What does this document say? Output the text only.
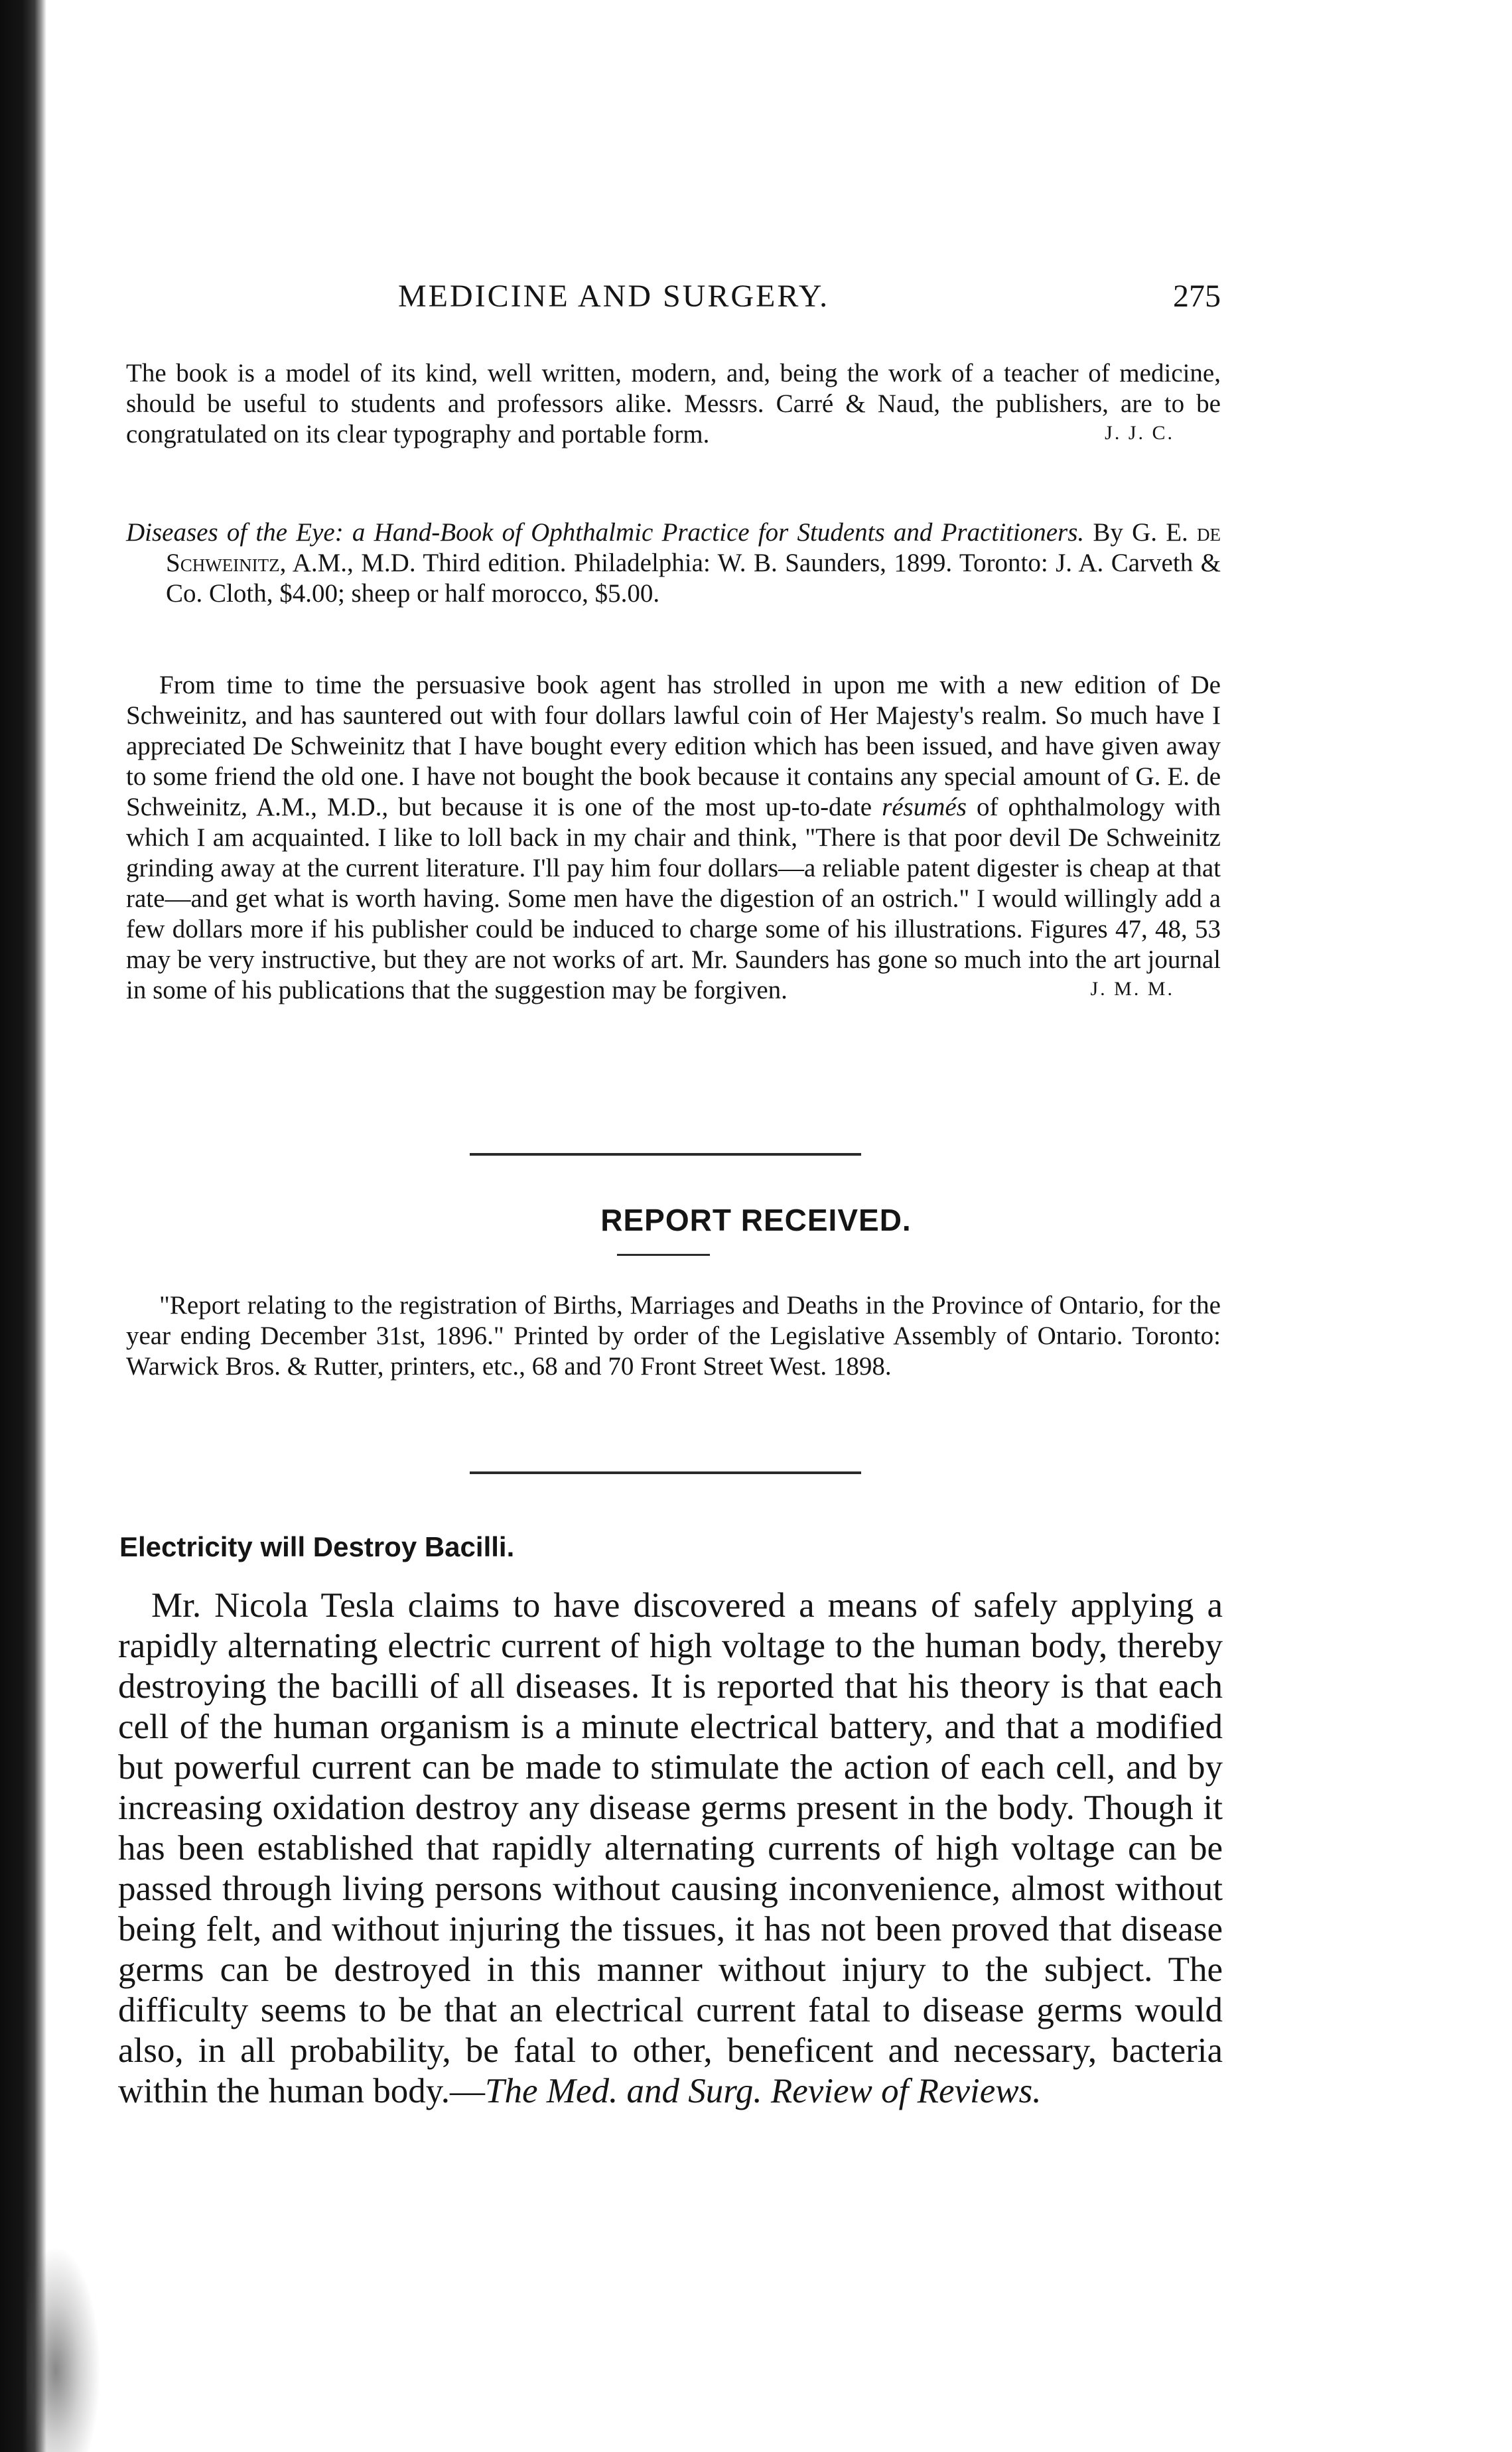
MEDICINE AND SURGERY.	275

The book is a model of its kind, well written, modern, and, being the work of a teacher of medicine, should be useful to students and professors alike. Messrs. Carré & Naud, the publishers, are to be congratulated on its clear typography and portable form.	J. J. C.
Diseases of the Eye: a Hand-Book of Ophthalmic Practice for Students and Practitioners. By G. E. de Schweinitz, A.M., M.D. Third edition. Philadelphia: W. B. Saunders, 1899. Toronto: J. A. Carveth & Co. Cloth, $4.00; sheep or half morocco, $5.00.

From time to time the persuasive book agent has strolled in upon me with a new edition of De Schweinitz, and has sauntered out with four dollars lawful coin of Her Majesty's realm. So much have I appreciated De Schweinitz that I have bought every edition which has been issued, and have given away to some friend the old one. I have not bought the book because it contains any special amount of G. E. de Schweinitz, A.M., M.D., but because it is one of the most up-to-date résumés of ophthalmology with which I am acquainted. I like to loll back in my chair and think, "There is that poor devil De Schweinitz grinding away at the current literature. I'll pay him four dollars—a reliable patent digester is cheap at that rate—and get what is worth having. Some men have the digestion of an ostrich." I would willingly add a few dollars more if his publisher could be induced to charge some of his illustrations. Figures 47, 48, 53 may be very instructive, but they are not works of art. Mr. Saunders has gone so much into the art journal in some of his publications that the suggestion may be forgiven.	J. M. M.
REPORT RECEIVED.

"Report relating to the registration of Births, Marriages and Deaths in the Province of Ontario, for the year ending December 31st, 1896." Printed by order of the Legislative Assembly of Ontario. Toronto: Warwick Bros. & Rutter, printers, etc., 68 and 70 Front Street West. 1898.

Electricity will Destroy Bacilli.

Mr. Nicola Tesla claims to have discovered a means of safely applying a rapidly alternating electric current of high voltage to the human body, thereby destroying the bacilli of all diseases. It is reported that his theory is that each cell of the human organism is a minute electrical battery, and that a modified but powerful current can be made to stimulate the action of each cell, and by increasing oxidation destroy any disease germs present in the body. Though it has been established that rapidly alternating currents of high voltage can be passed through living persons without causing inconvenience, almost without being felt, and without injuring the tissues, it has not been proved that disease germs can be destroyed in this manner without injury to the subject. The difficulty seems to be that an electrical current fatal to disease germs would also, in all probability, be fatal to other, beneficent and necessary, bacteria within the human body.—The Med. and Surg. Review of Reviews.
